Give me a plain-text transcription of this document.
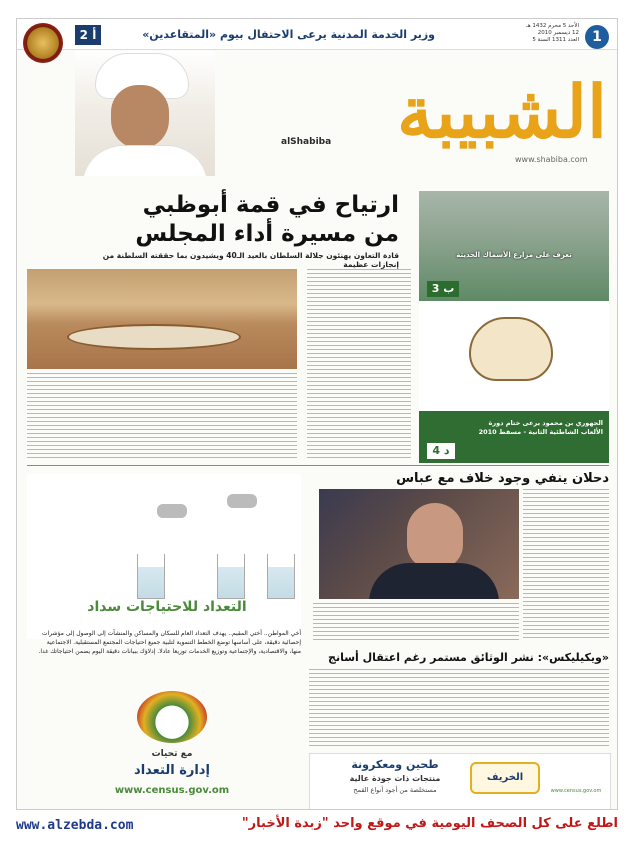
1
الأحد 5 محرم 1432 هـ
12 ديسمبر 2010
العدد 1311 السنة 5
وزير الخدمة المدنية يرعى الاحتفال بيوم «المتقاعدين»
2 أ
الشبيبة
alShabiba
www.shabiba.com
ارتياح في قمة أبوظبي
من مسيرة أداء المجلس
قادة التعاون يهنئون جلالة السلطان بالعيد الـ40 ويشيدون بما حققته السلطنة من إنجازات عظيمة
تعرف على مزارع الأسماك الحديثة
ب 3
الجهوري بن محمود يرعى ختام دورة الألعاب الشاطئية الثانية - مسقط 2010
د 4
دحلان ينفي وجود خلاف مع عباس
التعداد للاحتياجات سداد
أخي المواطن.. أختي المقيم.. يهدف التعداد العام للسكان والمساكن والمنشآت إلى الوصول إلى مؤشرات إحصائية دقيقة، على أساسها توضع الخطط التنموية لتلبية جميع احتياجات المجتمع المستقبلية. الاجتماعية منها، والاقتصادية، والإجتماعية وتوزيع الخدمات توزيعا عادلا. إدلاؤك ببيانات دقيقة اليوم يضمن احتياجاتك غدا.
مع تحيات
إدارة التعداد
www.census.gov.om
«ويكيليكس»: نشر الوثائق مستمر رغم اعتقال أسانج
طحين ومعكرونة
منتجات ذات جودة عالية
مستخلصة من أجود أنواع القمح
الخريف
www.census.gov.om
www.alzebda.com	اطلع على كل الصحف اليومية في موقع واحد "زبدة الأخبار"
